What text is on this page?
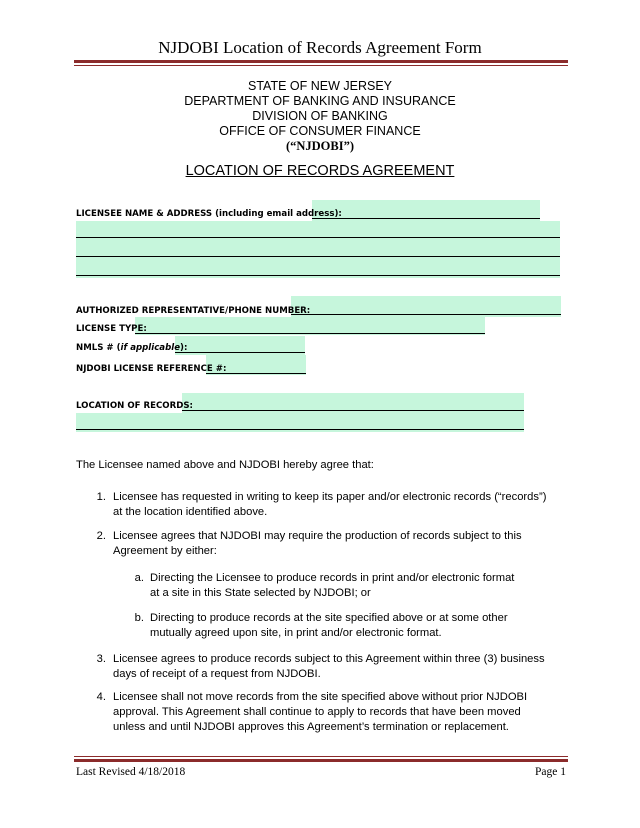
NJDOBI Location of Records Agreement Form
STATE OF NEW JERSEY
DEPARTMENT OF BANKING AND INSURANCE
DIVISION OF BANKING
OFFICE OF CONSUMER FINANCE
(“NJDOBI”)
LOCATION OF RECORDS AGREEMENT
LICENSEE NAME & ADDRESS (including email address):
AUTHORIZED REPRESENTATIVE/PHONE NUMBER:
LICENSE TYPE:
NMLS # (if applicable):
NJDOBI LICENSE REFERENCE #:
LOCATION OF RECORDS:
The Licensee named above and NJDOBI hereby agree that:
1. Licensee has requested in writing to keep its paper and/or electronic records (“records”)
at the location identified above.
2. Licensee agrees that NJDOBI may require the production of records subject to this
Agreement by either:
a. Directing the Licensee to produce records in print and/or electronic format
at a site in this State selected by NJDOBI; or
b. Directing to produce records at the site specified above or at some other
mutually agreed upon site, in print and/or electronic format.
3. Licensee agrees to produce records subject to this Agreement within three (3) business
days of receipt of a request from NJDOBI.
4. Licensee shall not move records from the site specified above without prior NJDOBI
approval. This Agreement shall continue to apply to records that have been moved
unless and until NJDOBI approves this Agreement’s termination or replacement.
Last Revised 4/18/2018	Page 1
